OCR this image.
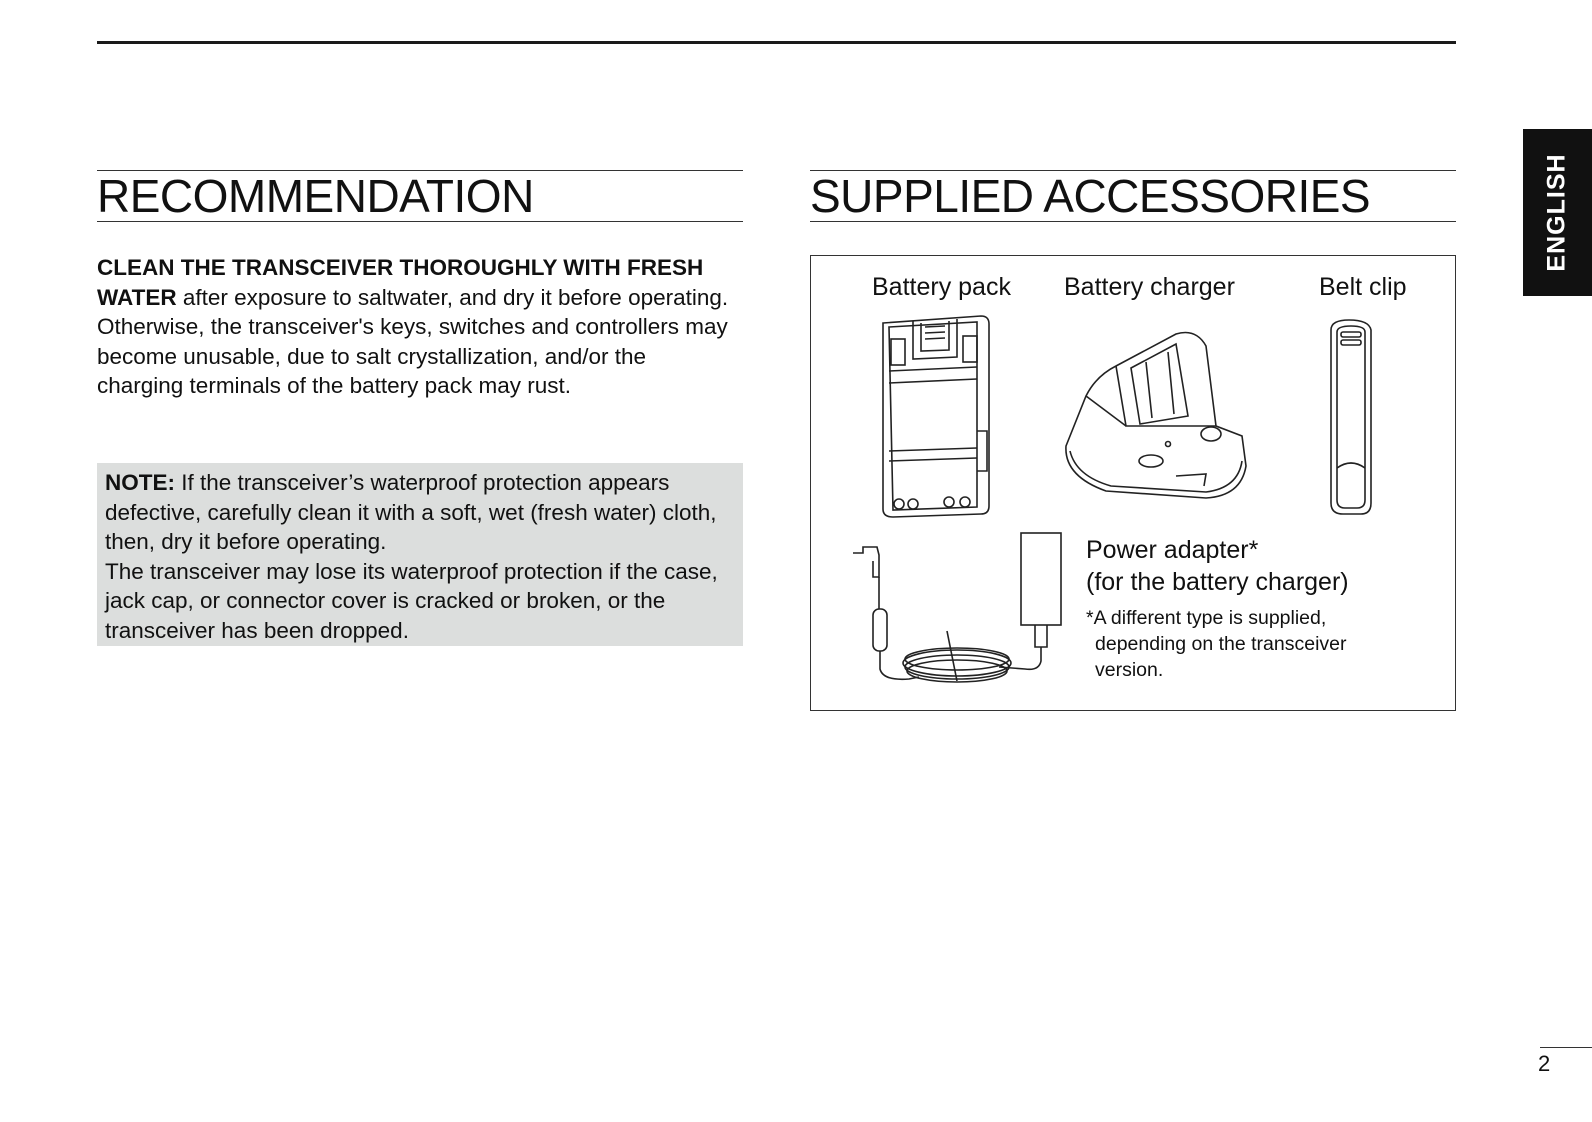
ENGLISH
RECOMMENDATION
CLEAN THE TRANSCEIVER THOROUGHLY WITH FRESH WATER after exposure to saltwater, and dry it before operating. Otherwise, the transceiver's keys, switches and controllers may become unusable, due to salt crystallization, and/or the charging terminals of the battery pack may rust.

NOTE: If the transceiver’s waterproof protection appears defective, carefully clean it with a soft, wet (fresh water) cloth, then, dry it before operating.

The transceiver may lose its waterproof protection if the case, jack cap, or connector cover is cracked or broken, or the transceiver has been dropped.

SUPPLIED ACCESSORIES
Battery pack Battery charger	Belt clip
Power adapter*
(for the battery charger)
*A different type is supplied,
depending on the transceiver
version.
2
